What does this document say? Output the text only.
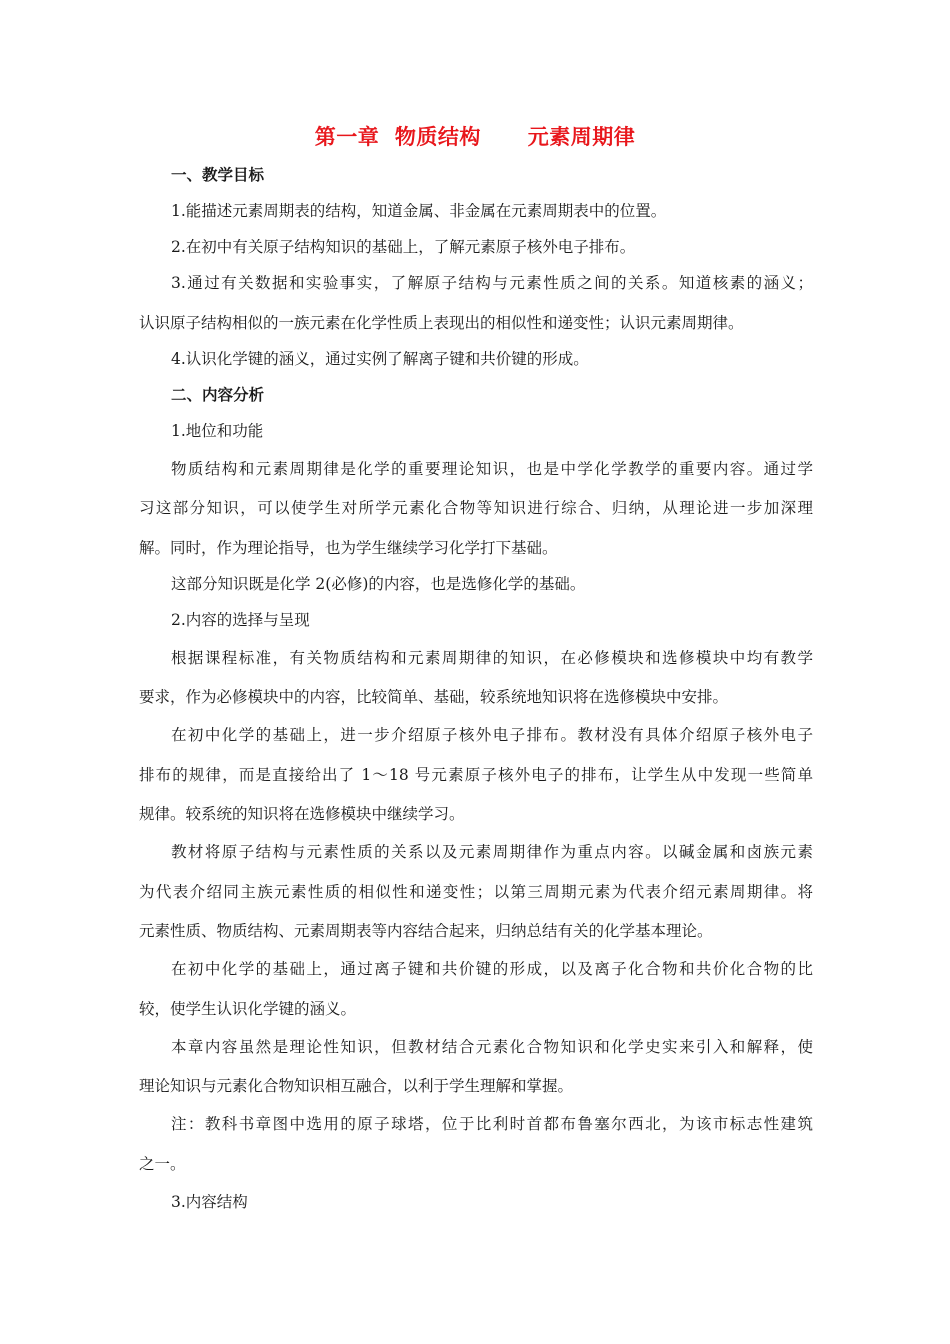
第一章  物质结构      元素周期律
一、教学目标
1.能描述元素周期表的结构，知道金属、非金属在元素周期表中的位置。
2.在初中有关原子结构知识的基础上，了解元素原子核外电子排布。
3.通过有关数据和实验事实，了解原子结构与元素性质之间的关系。知道核素的涵义；
认识原子结构相似的一族元素在化学性质上表现出的相似性和递变性；认识元素周期律。
4.认识化学键的涵义，通过实例了解离子键和共价键的形成。
二、内容分析
1.地位和功能
物质结构和元素周期律是化学的重要理论知识，也是中学化学教学的重要内容。通过学
习这部分知识，可以使学生对所学元素化合物等知识进行综合、归纳，从理论进一步加深理
解。同时，作为理论指导，也为学生继续学习化学打下基础。
这部分知识既是化学 2(必修)的内容，也是选修化学的基础。
2.内容的选择与呈现
根据课程标准，有关物质结构和元素周期律的知识，在必修模块和选修模块中均有教学
要求，作为必修模块中的内容，比较简单、基础，较系统地知识将在选修模块中安排。
在初中化学的基础上，进一步介绍原子核外电子排布。教材没有具体介绍原子核外电子
排布的规律，而是直接给出了 1～18 号元素原子核外电子的排布，让学生从中发现一些简单
规律。较系统的知识将在选修模块中继续学习。
教材将原子结构与元素性质的关系以及元素周期律作为重点内容。以碱金属和卤族元素
为代表介绍同主族元素性质的相似性和递变性；以第三周期元素为代表介绍元素周期律。将
元素性质、物质结构、元素周期表等内容结合起来，归纳总结有关的化学基本理论。
在初中化学的基础上，通过离子键和共价键的形成，以及离子化合物和共价化合物的比
较，使学生认识化学键的涵义。
本章内容虽然是理论性知识，但教材结合元素化合物知识和化学史实来引入和解释，使
理论知识与元素化合物知识相互融合，以利于学生理解和掌握。
注：教科书章图中选用的原子球塔，位于比利时首都布鲁塞尔西北，为该市标志性建筑
之一。
3.内容结构
